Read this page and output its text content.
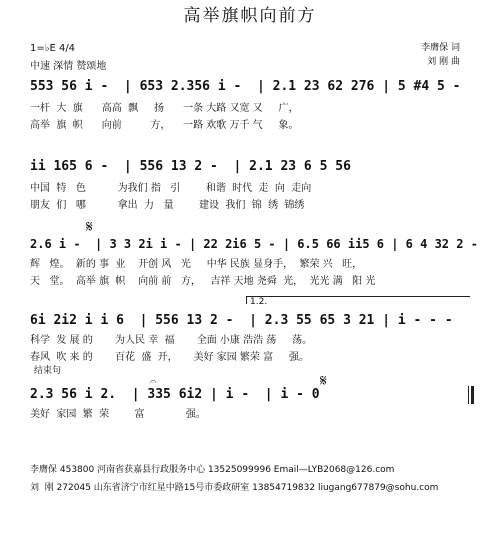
高举旗帜向前方
1=♭E 4/4
中速 深情 赞颂地
李膺保 词
刘 刚 曲
553 56 i -  | 653 2.356 i -  | 2.1 23 62 276 | 5 #4 5 -
一杆  大  旗      高高  飘     扬      一条 大路 又宽 又     广，
高举  旗  帜      向前         方，    一路 欢歌 万千 气     象。
ii 165 6 -  | 556 13 2 -  | 2.1 23 6 5 56
中国  特   色          为我们 指   引        和谐  时代  走  向  走向
朋友  们   哪          拿出  力   量        建设  我们  锦  绣  锦绣
𝄋
2.6 i -  | 3 3 2i i - | 22 2i6 5 - | 6.5 66 ii5 6 | 6 4 32 2 -
辉   煌。  新的 事  业    开创 风   光     中华 民族 显身手，  繁荣 兴   旺，
天   堂。  高举 旗  帜    向前 前   方，   吉祥 天地 尧舜  光，  光光 满   阳 光
1.2.
6i 2i2 i i 6  | 556 13 2 -  | 2.3 55 65 3 21 | i - - -
科学  发 展 的       为人民 幸  福       全面 小康 浩浩 荡     荡。
春风  吹 来 的       百花  盛  开，     美好 家园 繁荣 富     强。
结束句
𝄐	𝄋
2.3 56 i 2.  | 335 6i2 | i -  | i - 0
美好  家园  繁  荣        富             强。
李膺保 453800 河南省获嘉县行政服务中心 13525099996 Email—LYB2068@126.com
刘  刚 272045 山东省济宁市红星中路15号市委政研室 13854719832 liugang677879@sohu.com
